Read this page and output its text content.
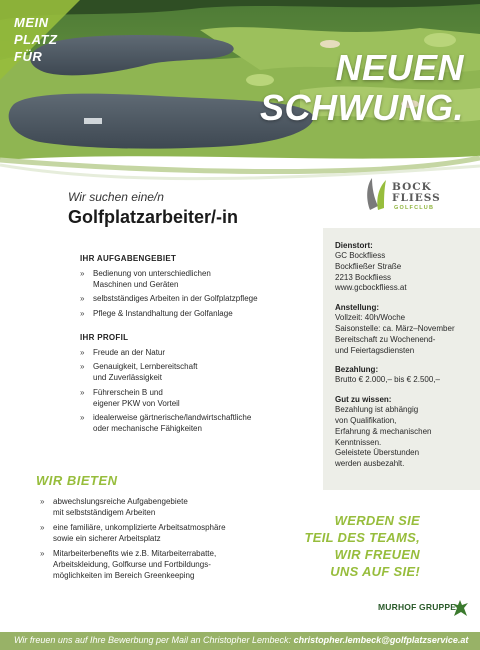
MEIN
PLATZ
FÜR	NEUEN
SCHWUNG.
Wir suchen eine/n
Golfplatzarbeiter/-in
BOCK
FLIESS
GOLFCLUB
IHR AUFGABENGEBIET
» Bedienung von unterschiedlichen
Maschinen und Geräten
» selbstständiges Arbeiten in der Golfplatzpflege
» Pflege & Instandhaltung der Golfanlage
IHR PROFIL
» Freude an der Natur
» Genauigkeit, Lernbereitschaft
und Zuverlässigkeit
» Führerschein B und
eigener PKW von Vorteil
» idealerweise gärtnerische/landwirtschaftliche
oder mechanische Fähigkeiten
Dienstort:
GC Bockfliess
Bockfließer Straße
2213 Bockfliess
www.gcbockfliess.at
Anstellung:
Vollzeit: 40h/Woche
Saisonstelle: ca. März–November
Bereitschaft zu Wochenend-
und Feiertagsdiensten
Bezahlung:
Brutto € 2.000,– bis € 2.500,–
Gut zu wissen:
Bezahlung ist abhängig
von Qualifikation,
Erfahrung & mechanischen
Kenntnissen.
Geleistete Überstunden
werden ausbezahlt.
WIR BIETEN
» abwechslungsreiche Aufgabengebiete
mit selbstständigem Arbeiten
» eine familiäre, unkomplizierte Arbeitsatmosphäre
sowie ein sicherer Arbeitsplatz
» Mitarbeiterbenefits wie z.B. Mitarbeiterrabatte,
Arbeitskleidung, Golfkurse und Fortbildungs-
möglichkeiten im Bereich Greenkeeping
WERDEN SIE
TEIL DES TEAMS,
WIR FREUEN
UNS AUF SIE!
MURHOF GRUPPE
Wir freuen uns auf Ihre Bewerbung per Mail an Christopher Lembeck: christopher.lembeck@golfplatzservice.at
